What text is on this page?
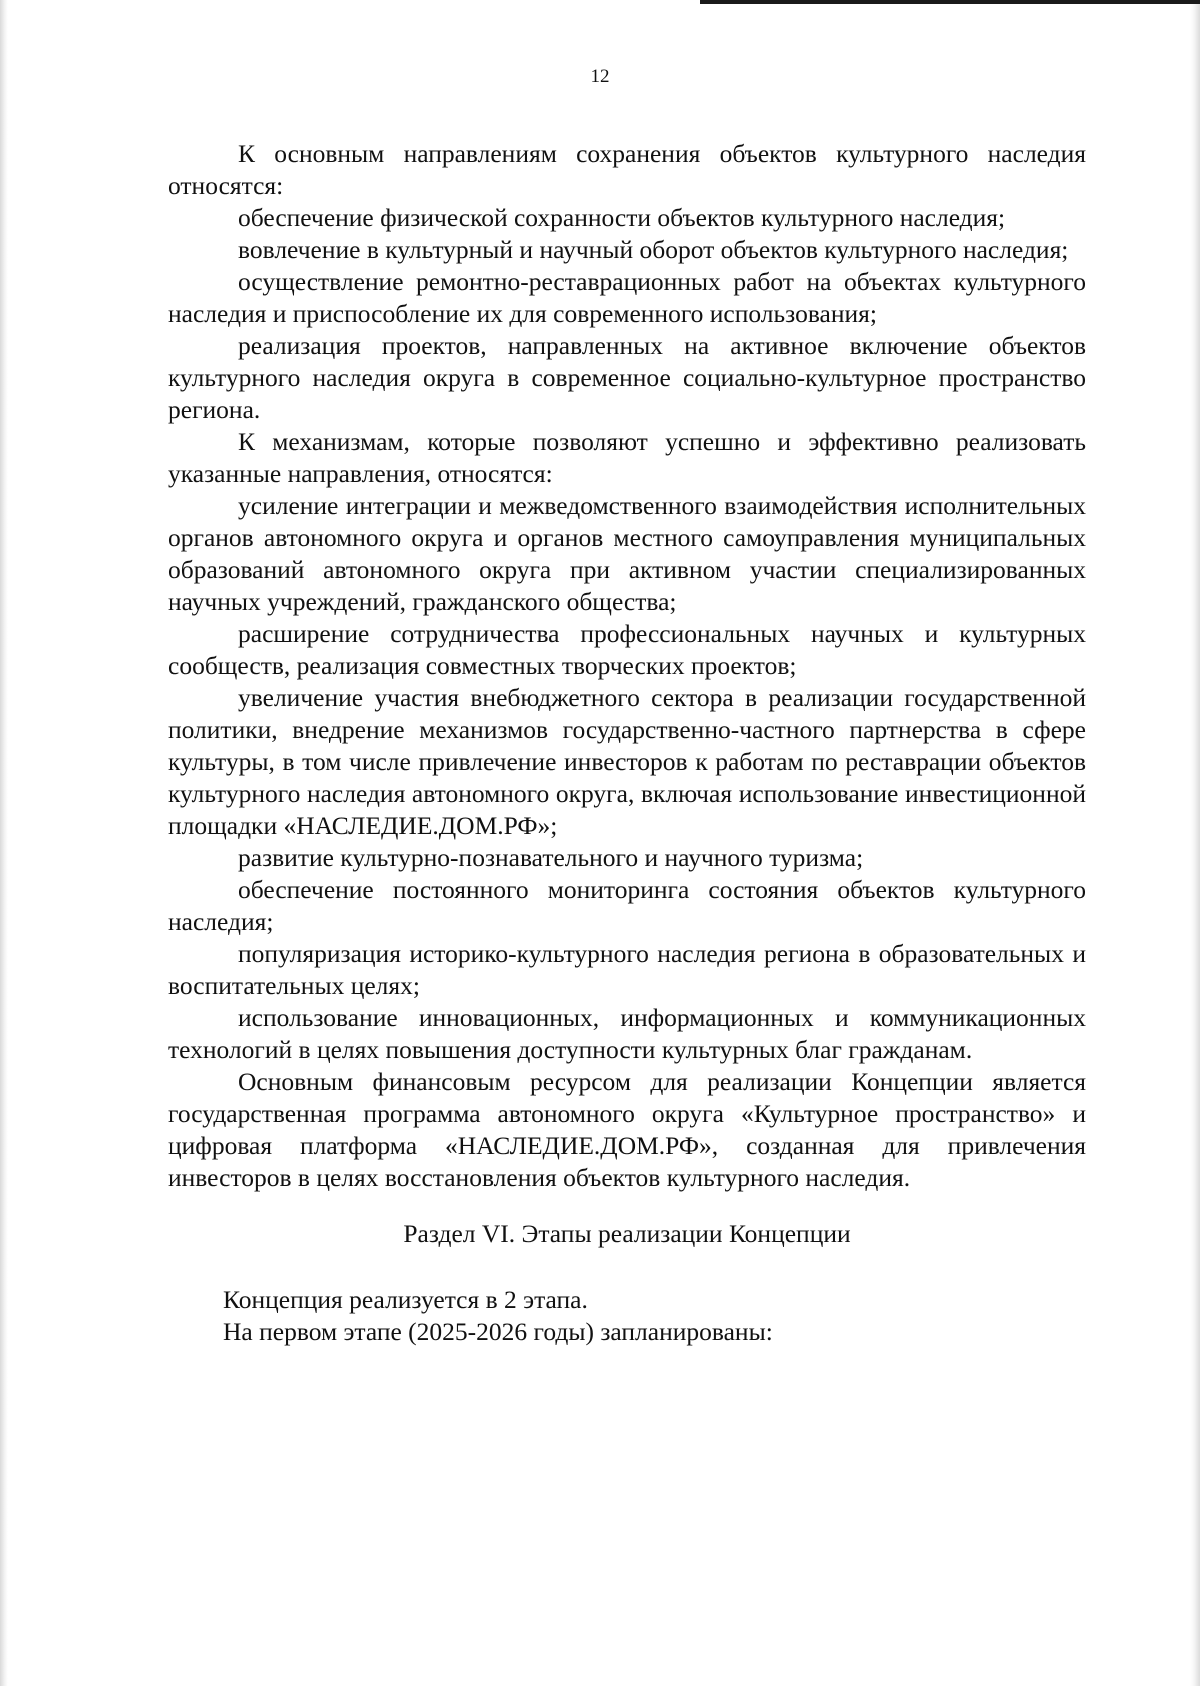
12

К основным направлениям сохранения объектов культурного наследия относятся:

обеспечение физической сохранности объектов культурного наследия;

вовлечение в культурный и научный оборот объектов культурного наследия;

осуществление ремонтно-реставрационных работ на объектах культурного наследия и приспособление их для современного использования;

реализация проектов, направленных на активное включение объектов культурного наследия округа в современное социально-культурное пространство региона.

К механизмам, которые позволяют успешно и эффективно реализовать указанные направления, относятся:

усиление интеграции и межведомственного взаимодействия исполнительных органов автономного округа и органов местного самоуправления муниципальных образований автономного округа при активном участии специализированных научных учреждений, гражданского общества;

расширение сотрудничества профессиональных научных и культурных сообществ, реализация совместных творческих проектов;

увеличение участия внебюджетного сектора в реализации государственной политики, внедрение механизмов государственно-частного партнерства в сфере культуры, в том числе привлечение инвесторов к работам по реставрации объектов культурного наследия автономного округа, включая использование инвестиционной площадки «НАСЛЕДИЕ.ДОМ.РФ»;

развитие культурно-познавательного и научного туризма;

обеспечение постоянного мониторинга состояния объектов культурного наследия;

популяризация историко-культурного наследия региона в образовательных и воспитательных целях;

использование инновационных, информационных и коммуникационных технологий в целях повышения доступности культурных благ гражданам.

Основным финансовым ресурсом для реализации Концепции является государственная программа автономного округа «Культурное пространство» и цифровая платформа «НАСЛЕДИЕ.ДОМ.РФ», созданная для привлечения инвесторов в целях восстановления объектов культурного наследия.

Раздел VI. Этапы реализации Концепции

Концепция реализуется в 2 этапа.

На первом этапе (2025-2026 годы) запланированы:
